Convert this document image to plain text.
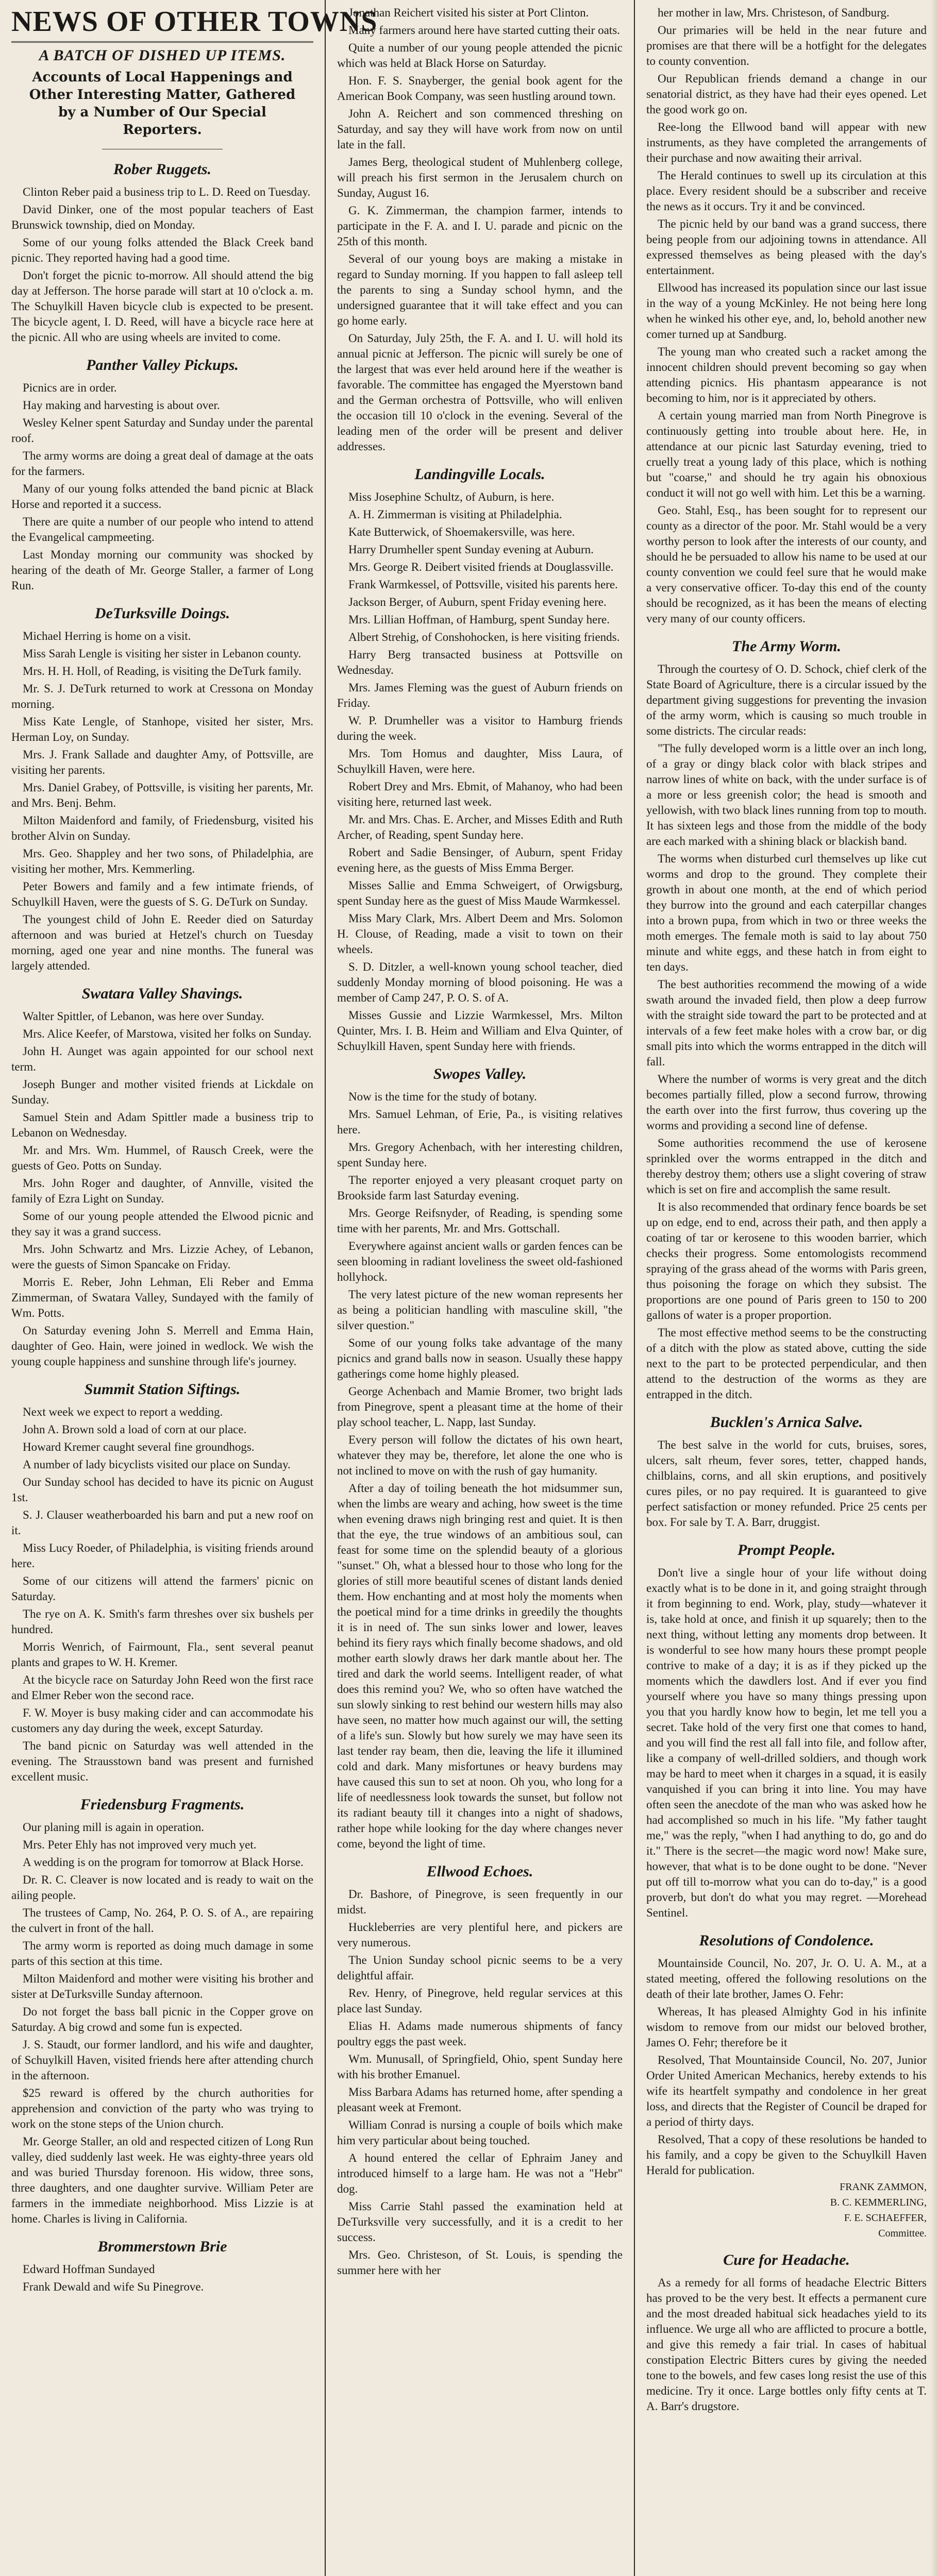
NEWS OF OTHER TOWNS
A BATCH OF DISHED UP ITEMS.
Accounts of Local Happenings and Other Interesting Matter, Gathered by a Number of Our Special Reporters.
Rober Ruggets.

Clinton Reber paid a business trip to L. D. Reed on Tuesday.

David Dinker, one of the most popular teachers of East Brunswick township, died on Monday.

Some of our young folks attended the Black Creek band picnic. They reported having had a good time.

Don't forget the picnic to-morrow. All should attend the big day at Jefferson. The horse parade will start at 10 o'clock a. m. The Schuylkill Haven bicycle club is expected to be present. The bicycle agent, I. D. Reed, will have a bicycle race here at the picnic. All who are using wheels are invited to come.

Panther Valley Pickups.

Picnics are in order.

Hay making and harvesting is about over.

Wesley Kelner spent Saturday and Sunday under the parental roof.

The army worms are doing a great deal of damage at the oats for the farmers.

Many of our young folks attended the band picnic at Black Horse and reported it a success.

There are quite a number of our people who intend to attend the Evangelical campmeeting.

Last Monday morning our community was shocked by hearing of the death of Mr. George Staller, a farmer of Long Run.

DeTurksville Doings.

Michael Herring is home on a visit.

Miss Sarah Lengle is visiting her sister in Lebanon county.

Mrs. H. H. Holl, of Reading, is visiting the DeTurk family.

Mr. S. J. DeTurk returned to work at Cressona on Monday morning.

Miss Kate Lengle, of Stanhope, visited her sister, Mrs. Herman Loy, on Sunday.

Mrs. J. Frank Sallade and daughter Amy, of Pottsville, are visiting her parents.

Mrs. Daniel Grabey, of Pottsville, is visiting her parents, Mr. and Mrs. Benj. Behm.

Milton Maidenford and family, of Friedensburg, visited his brother Alvin on Sunday.

Mrs. Geo. Shappley and her two sons, of Philadelphia, are visiting her mother, Mrs. Kemmerling.

Peter Bowers and family and a few intimate friends, of Schuylkill Haven, were the guests of S. G. DeTurk on Sunday.

The youngest child of John E. Reeder died on Saturday afternoon and was buried at Hetzel's church on Tuesday morning, aged one year and nine months. The funeral was largely attended.

Swatara Valley Shavings.

Walter Spittler, of Lebanon, was here over Sunday.

Mrs. Alice Keefer, of Marstowa, visited her folks on Sunday.

John H. Aunget was again appointed for our school next term.

Joseph Bunger and mother visited friends at Lickdale on Sunday.

Samuel Stein and Adam Spittler made a business trip to Lebanon on Wednesday.

Mr. and Mrs. Wm. Hummel, of Rausch Creek, were the guests of Geo. Potts on Sunday.

Mrs. John Roger and daughter, of Annville, visited the family of Ezra Light on Sunday.

Some of our young people attended the Elwood picnic and they say it was a grand success.

Mrs. John Schwartz and Mrs. Lizzie Achey, of Lebanon, were the guests of Simon Spancake on Friday.

Morris E. Reber, John Lehman, Eli Reber and Emma Zimmerman, of Swatara Valley, Sundayed with the family of Wm. Potts.

On Saturday evening John S. Merrell and Emma Hain, daughter of Geo. Hain, were joined in wedlock. We wish the young couple happiness and sunshine through life's journey.

Summit Station Siftings.

Next week we expect to report a wedding.

John A. Brown sold a load of corn at our place.

Howard Kremer caught several fine groundhogs.

A number of lady bicyclists visited our place on Sunday.

Our Sunday school has decided to have its picnic on August 1st.

S. J. Clauser weatherboarded his barn and put a new roof on it.

Miss Lucy Roeder, of Philadelphia, is visiting friends around here.

Some of our citizens will attend the farmers' picnic on Saturday.

The rye on A. K. Smith's farm threshes over six bushels per hundred.

Morris Wenrich, of Fairmount, Fla., sent several peanut plants and grapes to W. H. Kremer.

At the bicycle race on Saturday John Reed won the first race and Elmer Reber won the second race.

F. W. Moyer is busy making cider and can accommodate his customers any day during the week, except Saturday.

The band picnic on Saturday was well attended in the evening. The Strausstown band was present and furnished excellent music.

Friedensburg Fragments.

Our planing mill is again in operation.

Mrs. Peter Ehly has not improved very much yet.

A wedding is on the program for tomorrow at Black Horse.

Dr. R. C. Cleaver is now located and is ready to wait on the ailing people.

The trustees of Camp, No. 264, P. O. S. of A., are repairing the culvert in front of the hall.

The army worm is reported as doing much damage in some parts of this section at this time.

Milton Maidenford and mother were visiting his brother and sister at DeTurksville Sunday afternoon.

Do not forget the bass ball picnic in the Copper grove on Saturday. A big crowd and some fun is expected.

J. S. Staudt, our former landlord, and his wife and daughter, of Schuylkill Haven, visited friends here after attending church in the afternoon.

$25 reward is offered by the church authorities for apprehension and conviction of the party who was trying to work on the stone steps of the Union church.

Mr. George Staller, an old and respected citizen of Long Run valley, died suddenly last week. He was eighty-three years old and was buried Thursday forenoon. His widow, three sons, three daughters, and one daughter survive. William Peter are farmers in the immediate neighborhood. Miss Lizzie is at home. Charles is living in California.

Brommerstown Brie

Edward Hoffman Sundayed

Frank Dewald and wife Su Pinegrove.

Jonathan Reichert visited his sister at Port Clinton.

Many farmers around here have started cutting their oats.

Quite a number of our young people attended the picnic which was held at Black Horse on Saturday.

Hon. F. S. Snayberger, the genial book agent for the American Book Company, was seen hustling around town.

John A. Reichert and son commenced threshing on Saturday, and say they will have work from now on until late in the fall.

James Berg, theological student of Muhlenberg college, will preach his first sermon in the Jerusalem church on Sunday, August 16.

G. K. Zimmerman, the champion farmer, intends to participate in the F. A. and I. U. parade and picnic on the 25th of this month.

Several of our young boys are making a mistake in regard to Sunday morning. If you happen to fall asleep tell the parents to sing a Sunday school hymn, and the undersigned guarantee that it will take effect and you can go home early.

On Saturday, July 25th, the F. A. and I. U. will hold its annual picnic at Jefferson. The picnic will surely be one of the largest that was ever held around here if the weather is favorable. The committee has engaged the Myerstown band and the German orchestra of Pottsville, who will enliven the occasion till 10 o'clock in the evening. Several of the leading men of the order will be present and deliver addresses.

Landingville Locals.

Miss Josephine Schultz, of Auburn, is here.

A. H. Zimmerman is visiting at Philadelphia.

Kate Butterwick, of Shoemakersville, was here.

Harry Drumheller spent Sunday evening at Auburn.

Mrs. George R. Deibert visited friends at Douglassville.

Frank Warmkessel, of Pottsville, visited his parents here.

Jackson Berger, of Auburn, spent Friday evening here.

Mrs. Lillian Hoffman, of Hamburg, spent Sunday here.

Albert Strehig, of Conshohocken, is here visiting friends.

Harry Berg transacted business at Pottsville on Wednesday.

Mrs. James Fleming was the guest of Auburn friends on Friday.

W. P. Drumheller was a visitor to Hamburg friends during the week.

Mrs. Tom Homus and daughter, Miss Laura, of Schuylkill Haven, were here.

Robert Drey and Mrs. Ebmit, of Mahanoy, who had been visiting here, returned last week.

Mr. and Mrs. Chas. E. Archer, and Misses Edith and Ruth Archer, of Reading, spent Sunday here.

Robert and Sadie Bensinger, of Auburn, spent Friday evening here, as the guests of Miss Emma Berger.

Misses Sallie and Emma Schweigert, of Orwigsburg, spent Sunday here as the guest of Miss Maude Warmkessel.

Miss Mary Clark, Mrs. Albert Deem and Mrs. Solomon H. Clouse, of Reading, made a visit to town on their wheels.

S. D. Ditzler, a well-known young school teacher, died suddenly Monday morning of blood poisoning. He was a member of Camp 247, P. O. S. of A.

Misses Gussie and Lizzie Warmkessel, Mrs. Milton Quinter, Mrs. I. B. Heim and William and Elva Quinter, of Schuylkill Haven, spent Sunday here with friends.

Swopes Valley.

Now is the time for the study of botany.

Mrs. Samuel Lehman, of Erie, Pa., is visiting relatives here.

Mrs. Gregory Achenbach, with her interesting children, spent Sunday here.

The reporter enjoyed a very pleasant croquet party on Brookside farm last Saturday evening.

Mrs. George Reifsnyder, of Reading, is spending some time with her parents, Mr. and Mrs. Gottschall.

Everywhere against ancient walls or garden fences can be seen blooming in radiant loveliness the sweet old-fashioned hollyhock.

The very latest picture of the new woman represents her as being a politician handling with masculine skill, "the silver question."

Some of our young folks take advantage of the many picnics and grand balls now in season. Usually these happy gatherings come home highly pleased.

George Achenbach and Mamie Bromer, two bright lads from Pinegrove, spent a pleasant time at the home of their play school teacher, L. Napp, last Sunday.

Every person will follow the dictates of his own heart, whatever they may be, therefore, let alone the one who is not inclined to move on with the rush of gay humanity.

After a day of toiling beneath the hot midsummer sun, when the limbs are weary and aching, how sweet is the time when evening draws nigh bringing rest and quiet. It is then that the eye, the true windows of an ambitious soul, can feast for some time on the splendid beauty of a glorious "sunset." Oh, what a blessed hour to those who long for the glories of still more beautiful scenes of distant lands denied them. How enchanting and at most holy the moments when the poetical mind for a time drinks in greedily the thoughts it is in need of. The sun sinks lower and lower, leaves behind its fiery rays which finally become shadows, and old mother earth slowly draws her dark mantle about her. The tired and dark the world seems. Intelligent reader, of what does this remind you? We, who so often have watched the sun slowly sinking to rest behind our western hills may also have seen, no matter how much against our will, the setting of a life's sun. Slowly but how surely we may have seen its last tender ray beam, then die, leaving the life it illumined cold and dark. Many misfortunes or heavy burdens may have caused this sun to set at noon. Oh you, who long for a life of needlessness look towards the sunset, but follow not its radiant beauty till it changes into a night of shadows, rather hope while looking for the day where changes never come, beyond the light of time.

Ellwood Echoes.

Dr. Bashore, of Pinegrove, is seen frequently in our midst.

Huckleberries are very plentiful here, and pickers are very numerous.

The Union Sunday school picnic seems to be a very delightful affair.

Rev. Henry, of Pinegrove, held regular services at this place last Sunday.

Elias H. Adams made numerous shipments of fancy poultry eggs the past week.

Wm. Munusall, of Springfield, Ohio, spent Sunday here with his brother Emanuel.

Miss Barbara Adams has returned home, after spending a pleasant week at Fremont.

William Conrad is nursing a couple of boils which make him very particular about being touched.

A hound entered the cellar of Ephraim Janey and introduced himself to a large ham. He was not a "Hebr" dog.

Miss Carrie Stahl passed the examination held at DeTurksville very successfully, and it is a credit to her success.

Mrs. Geo. Christeson, of St. Louis, is spending the summer here with her

her mother in law, Mrs. Christeson, of Sandburg.

Our primaries will be held in the near future and promises are that there will be a hotfight for the delegates to county convention.

Our Republican friends demand a change in our senatorial district, as they have had their eyes opened. Let the good work go on.

Ree-long the Ellwood band will appear with new instruments, as they have completed the arrangements of their purchase and now awaiting their arrival.

The Herald continues to swell up its circulation at this place. Every resident should be a subscriber and receive the news as it occurs. Try it and be convinced.

The picnic held by our band was a grand success, there being people from our adjoining towns in attendance. All expressed themselves as being pleased with the day's entertainment.

Ellwood has increased its population since our last issue in the way of a young McKinley. He not being here long when he winked his other eye, and, lo, behold another new comer turned up at Sandburg.

The young man who created such a racket among the innocent children should prevent becoming so gay when attending picnics. His phantasm appearance is not becoming to him, nor is it appreciated by others.

A certain young married man from North Pinegrove is continuously getting into trouble about here. He, in attendance at our picnic last Saturday evening, tried to cruelly treat a young lady of this place, which is nothing but "coarse," and should he try again his obnoxious conduct it will not go well with him. Let this be a warning.

Geo. Stahl, Esq., has been sought for to represent our county as a director of the poor. Mr. Stahl would be a very worthy person to look after the interests of our county, and should he be persuaded to allow his name to be used at our county convention we could feel sure that he would make a very conservative officer. To-day this end of the county should be recognized, as it has been the means of electing very many of our county officers.

The Army Worm.

Through the courtesy of O. D. Schock, chief clerk of the State Board of Agriculture, there is a circular issued by the department giving suggestions for preventing the invasion of the army worm, which is causing so much trouble in some districts. The circular reads:

"The fully developed worm is a little over an inch long, of a gray or dingy black color with black stripes and narrow lines of white on back, with the under surface is of a more or less greenish color; the head is smooth and yellowish, with two black lines running from top to mouth. It has sixteen legs and those from the middle of the body are each marked with a shining black or blackish band.

The worms when disturbed curl themselves up like cut worms and drop to the ground. They complete their growth in about one month, at the end of which period they burrow into the ground and each caterpillar changes into a brown pupa, from which in two or three weeks the moth emerges. The female moth is said to lay about 750 minute and white eggs, and these hatch in from eight to ten days.

The best authorities recommend the mowing of a wide swath around the invaded field, then plow a deep furrow with the straight side toward the part to be protected and at intervals of a few feet make holes with a crow bar, or dig small pits into which the worms entrapped in the ditch will fall.

Where the number of worms is very great and the ditch becomes partially filled, plow a second furrow, throwing the earth over into the first furrow, thus covering up the worms and providing a second line of defense.

Some authorities recommend the use of kerosene sprinkled over the worms entrapped in the ditch and thereby destroy them; others use a slight covering of straw which is set on fire and accomplish the same result.

It is also recommended that ordinary fence boards be set up on edge, end to end, across their path, and then apply a coating of tar or kerosene to this wooden barrier, which checks their progress. Some entomologists recommend spraying of the grass ahead of the worms with Paris green, thus poisoning the forage on which they subsist. The proportions are one pound of Paris green to 150 to 200 gallons of water is a proper proportion.

The most effective method seems to be the constructing of a ditch with the plow as stated above, cutting the side next to the part to be protected perpendicular, and then attend to the destruction of the worms as they are entrapped in the ditch.

Bucklen's Arnica Salve.

The best salve in the world for cuts, bruises, sores, ulcers, salt rheum, fever sores, tetter, chapped hands, chilblains, corns, and all skin eruptions, and positively cures piles, or no pay required. It is guaranteed to give perfect satisfaction or money refunded. Price 25 cents per box. For sale by T. A. Barr, druggist.

Prompt People.

Don't live a single hour of your life without doing exactly what is to be done in it, and going straight through it from beginning to end. Work, play, study—whatever it is, take hold at once, and finish it up squarely; then to the next thing, without letting any moments drop between. It is wonderful to see how many hours these prompt people contrive to make of a day; it is as if they picked up the moments which the dawdlers lost. And if ever you find yourself where you have so many things pressing upon you that you hardly know how to begin, let me tell you a secret. Take hold of the very first one that comes to hand, and you will find the rest all fall into file, and follow after, like a company of well-drilled soldiers, and though work may be hard to meet when it charges in a squad, it is easily vanquished if you can bring it into line. You may have often seen the anecdote of the man who was asked how he had accomplished so much in his life. "My father taught me," was the reply, "when I had anything to do, go and do it." There is the secret—the magic word now! Make sure, however, that what is to be done ought to be done. "Never put off till to-morrow what you can do to-day," is a good proverb, but don't do what you may regret. —Morehead Sentinel.

Resolutions of Condolence.

Mountainside Council, No. 207, Jr. O. U. A. M., at a stated meeting, offered the following resolutions on the death of their late brother, James O. Fehr:

Whereas, It has pleased Almighty God in his infinite wisdom to remove from our midst our beloved brother, James O. Fehr; therefore be it

Resolved, That Mountainside Council, No. 207, Junior Order United American Mechanics, hereby extends to his wife its heartfelt sympathy and condolence in her great loss, and directs that the Register of Council be draped for a period of thirty days.

Resolved, That a copy of these resolutions be handed to his family, and a copy be given to the Schuylkill Haven Herald for publication.

FRANK ZAMMON,
B. C. KEMMERLING,
F. E. SCHAEFFER,
Committee.
Cure for Headache.

As a remedy for all forms of headache Electric Bitters has proved to be the very best. It effects a permanent cure and the most dreaded habitual sick headaches yield to its influence. We urge all who are afflicted to procure a bottle, and give this remedy a fair trial. In cases of habitual constipation Electric Bitters cures by giving the needed tone to the bowels, and few cases long resist the use of this medicine. Try it once. Large bottles only fifty cents at T. A. Barr's drugstore.
